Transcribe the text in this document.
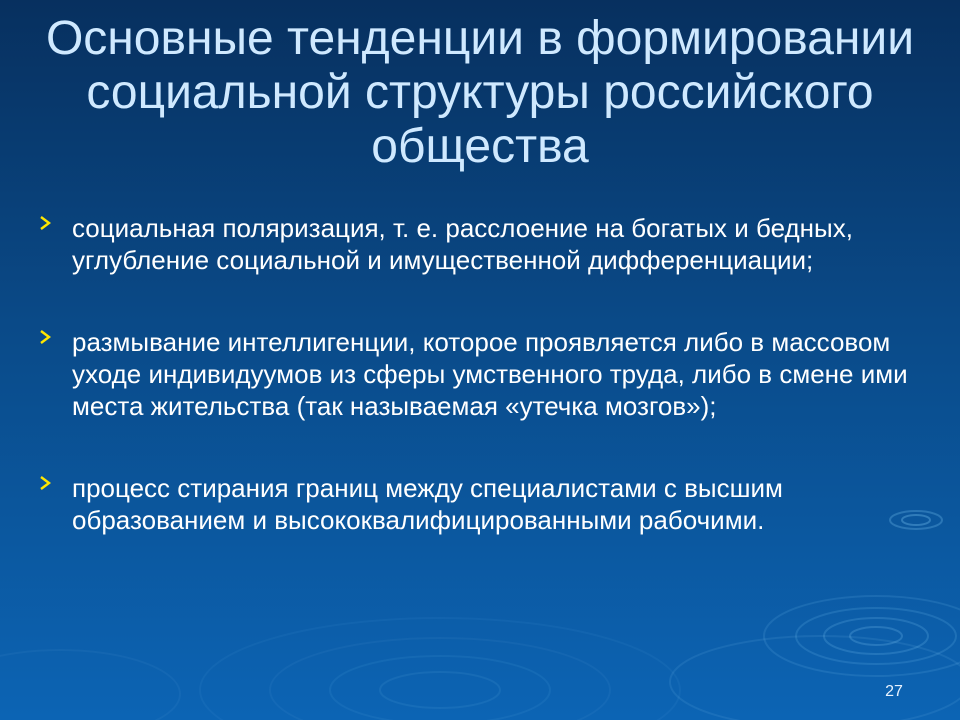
Основные тенденции в формировании социальной структуры российского общества
социальная поляризация, т. е. расслоение на богатых и бедных, углубление социальной и имущественной дифференциации;
размывание интеллигенции, которое проявляется либо в массовом уходе индивидуумов из сферы умственного труда, либо в смене ими места жительства (так называемая «утечка мозгов»);
процесс стирания границ между специалистами с высшим образованием и высококвалифицированными рабочими.
27
